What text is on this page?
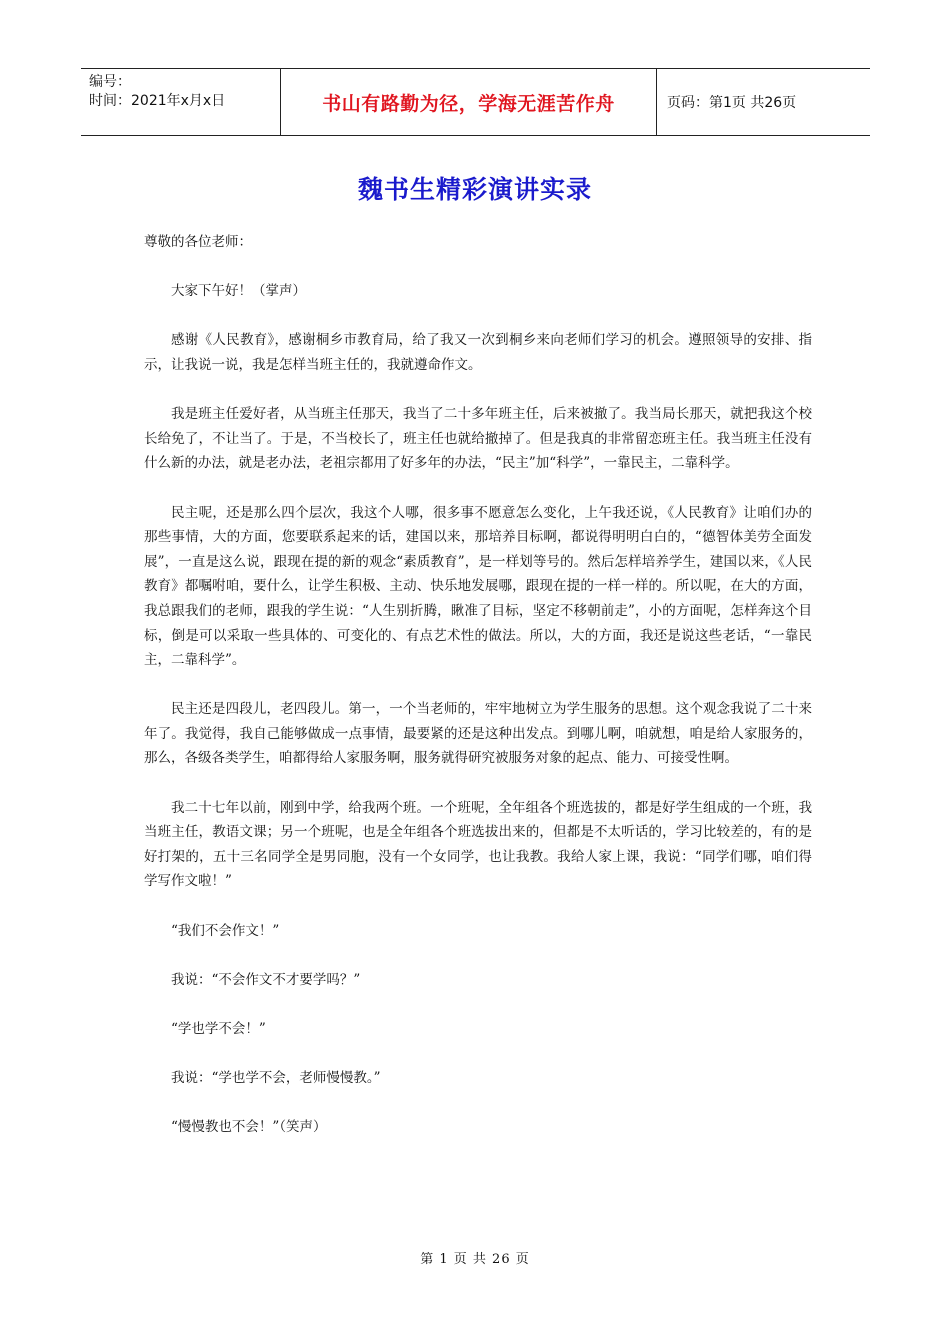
编号：
时间：2021年x月x日	书山有路勤为径，学海无涯苦作舟	页码：第1页 共26页
魏书生精彩演讲实录

尊敬的各位老师：

大家下午好！（掌声）

感谢《人民教育》，感谢桐乡市教育局，给了我又一次到桐乡来向老师们学习的机会。遵照领导的安排、指示，让我说一说，我是怎样当班主任的，我就遵命作文。

我是班主任爱好者，从当班主任那天，我当了二十多年班主任，后来被撤了。我当局长那天，就把我这个校长给免了，不让当了。于是，不当校长了，班主任也就给撤掉了。但是我真的非常留恋班主任。我当班主任没有什么新的办法，就是老办法，老祖宗都用了好多年的办法，“民主”加“科学”，一靠民主，二靠科学。

民主呢，还是那么四个层次，我这个人哪，很多事不愿意怎么变化，上午我还说，《人民教育》让咱们办的那些事情，大的方面，您要联系起来的话，建国以来，那培养目标啊，都说得明明白白的，“德智体美劳全面发展”，一直是这么说，跟现在提的新的观念“素质教育”，是一样划等号的。然后怎样培养学生，建国以来，《人民教育》都嘱咐咱，要什么，让学生积极、主动、快乐地发展哪，跟现在提的一样一样的。所以呢，在大的方面，我总跟我们的老师，跟我的学生说：“人生别折腾，瞅准了目标，坚定不移朝前走”，小的方面呢，怎样奔这个目标，倒是可以采取一些具体的、可变化的、有点艺术性的做法。所以，大的方面，我还是说这些老话，“一靠民主，二靠科学”。

民主还是四段儿，老四段儿。第一，一个当老师的，牢牢地树立为学生服务的思想。这个观念我说了二十来年了。我觉得，我自己能够做成一点事情，最要紧的还是这种出发点。到哪儿啊，咱就想，咱是给人家服务的，那么，各级各类学生，咱都得给人家服务啊，服务就得研究被服务对象的起点、能力、可接受性啊。

我二十七年以前，刚到中学，给我两个班。一个班呢，全年组各个班选拔的，都是好学生组成的一个班，我当班主任，教语文课；另一个班呢，也是全年组各个班选拔出来的，但都是不太听话的，学习比较差的，有的是好打架的，五十三名同学全是男同胞，没有一个女同学，也让我教。我给人家上课，我说：“同学们哪，咱们得学写作文啦！”

“我们不会作文！”

我说：“不会作文不才要学吗？”

“学也学不会！”

我说：“学也学不会，老师慢慢教。”

“慢慢教也不会！”（笑声）

第 1 页 共 26 页
